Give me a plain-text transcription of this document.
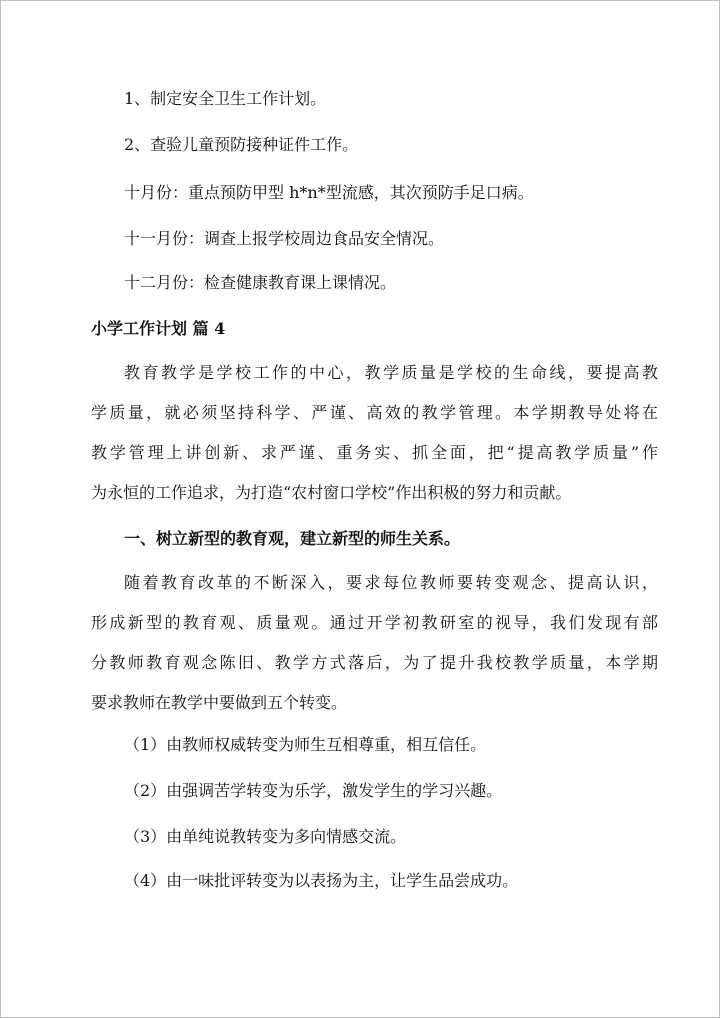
1、制定安全卫生工作计划。
2、查验儿童预防接种证件工作。
十月份：重点预防甲型 h*n*型流感，其次预防手足口病。
十一月份：调查上报学校周边食品安全情况。
十二月份：检查健康教育课上课情况。
小学工作计划 篇 4
教育教学是学校工作的中心，教学质量是学校的生命线，要提高教
学质量，就必须坚持科学、严谨、高效的教学管理。本学期教导处将在
教学管理上讲创新、求严谨、重务实、抓全面，把“提高教学质量”作
为永恒的工作追求，为打造“农村窗口学校”作出积极的努力和贡献。
一、树立新型的教育观，建立新型的师生关系。
随着教育改革的不断深入，要求每位教师要转变观念、提高认识，
形成新型的教育观、质量观。通过开学初教研室的视导，我们发现有部
分教师教育观念陈旧、教学方式落后，为了提升我校教学质量，本学期
要求教师在教学中要做到五个转变。
（1）由教师权威转变为师生互相尊重，相互信任。
（2）由强调苦学转变为乐学，激发学生的学习兴趣。
（3）由单纯说教转变为多向情感交流。
（4）由一味批评转变为以表扬为主，让学生品尝成功。
